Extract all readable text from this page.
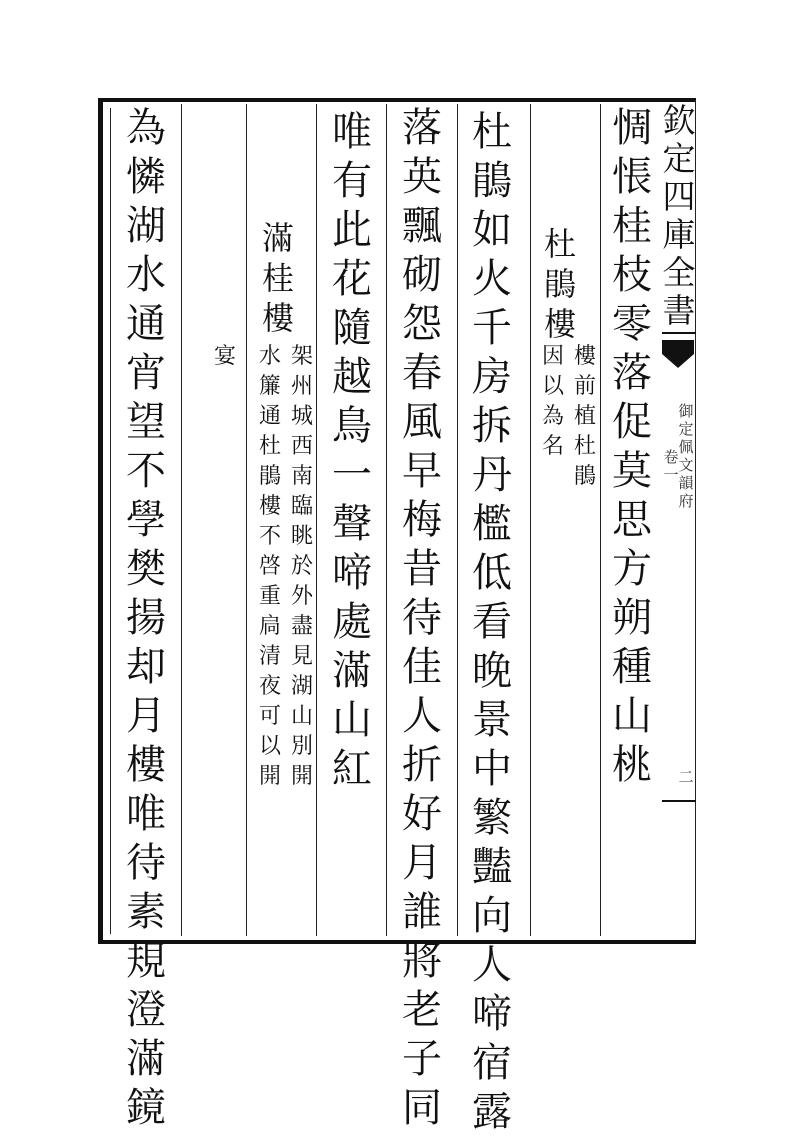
欽
定
四
庫
全
書
御
定
佩
文
韻
府
卷
一
二
惆
悵
桂
枝
零
落
促
莫
思
方
朔
種
山
桃
杜
鵑
樓
樓
前
植
杜
鵑
因
以
為
名
杜
鵑
如
火
千
房
拆
丹
檻
低
看
晚
景
中
繁
豔
向
人
啼
宿
露
落
英
飄
砌
怨
春
風
早
梅
昔
待
佳
人
折
好
月
誰
將
老
子
同
唯
有
此
花
隨
越
鳥
一
聲
啼
處
滿
山
紅
滿
桂
樓
架
州
城
西
南
臨
眺
於
外
盡
見
湖
山
別
開
水
簾
通
杜
鵑
樓
不
啓
重
扃
清
夜
可
以
開
宴
為
憐
湖
水
通
宵
望
不
學
樊
揚
却
月
樓
唯
待
素
規
澄
滿
鏡
